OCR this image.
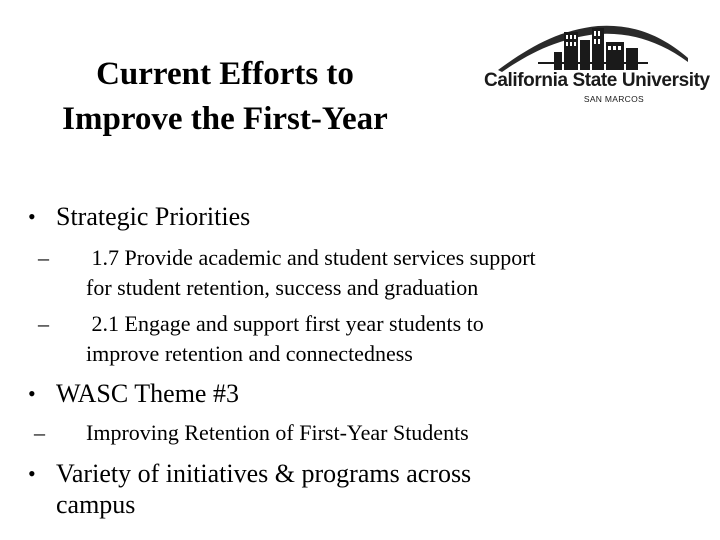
Current Efforts to
Improve the First-Year
California State University
SAN MARCOS
• Strategic Priorities
– 1.7 Provide academic and student services support
for student retention, success and graduation
– 2.1 Engage and support first year students to
improve retention and connectedness
• WASC Theme #3
– Improving Retention of First-Year Students
• Variety of initiatives & programs across
campus
